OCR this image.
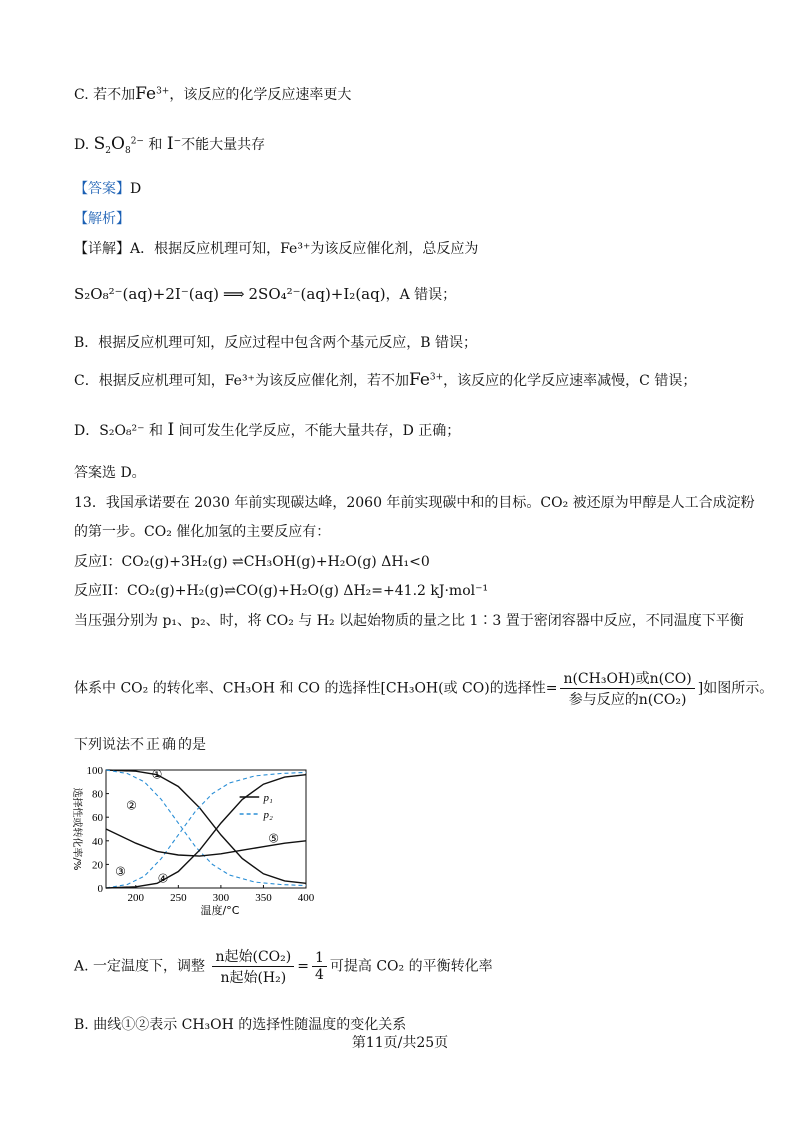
C. 若不加$Fe^{3+}$，该反应的化学反应速率更大
D. $S_2O_8^{2-}$ 和 I−不能大量共存
【答案】D
【解析】
【详解】A．根据反应机理可知，Fe³⁺为该反应催化剂，总反应为
S₂O₈²⁻(aq)+2I⁻(aq) ⟹ 2SO₄²⁻(aq)+I₂(aq)，A 错误；
B．根据反应机理可知，反应过程中包含两个基元反应，B 错误；
C．根据反应机理可知，Fe³⁺为该反应催化剂，若不加$Fe^{3+}$，该反应的化学反应速率减慢，C 错误；
D．S₂O₈²⁻ 和 I 间可发生化学反应，不能大量共存，D 正确；
答案选 D。
13．我国承诺要在 2030 年前实现碳达峰，2060 年前实现碳中和的目标。CO₂ 被还原为甲醇是人工合成淀粉
的第一步。CO₂ 催化加氢的主要反应有：
反应I：CO₂(g)+3H₂(g) ⇌CH₃OH(g)+H₂O(g) ΔH₁<0
反应II：CO₂(g)+H₂(g)⇌CO(g)+H₂O(g) ΔH₂=+41.2 kJ·mol⁻¹
当压强分别为 p₁、p₂、时，将 CO₂ 与 H₂ 以起始物质的量之比 1∶3 置于密闭容器中反应，不同温度下平衡
体系中 CO₂ 的转化率、CH₃OH 和 CO 的选择性[CH₃OH(或 CO)的选择性= $\frac{\text{n(CH₃OH)或n(CO)}}{\text{参与反应的n(CO₂)}}$ ]如图所示。
下列说法不正确的是
0
20
40
60
80
100
200 250 300 350 400
温度/°C
选择性或转化率/%
①
②
③
④
⑤
p₁
p₂
A. 一定温度下，调整 $\frac{\text{n起始(CO₂)}}{\text{n起始(H₂)}} = \frac{1}{4}$ 可提高 CO₂ 的平衡转化率
B. 曲线①②表示 CH₃OH 的选择性随温度的变化关系
第11页/共25页
